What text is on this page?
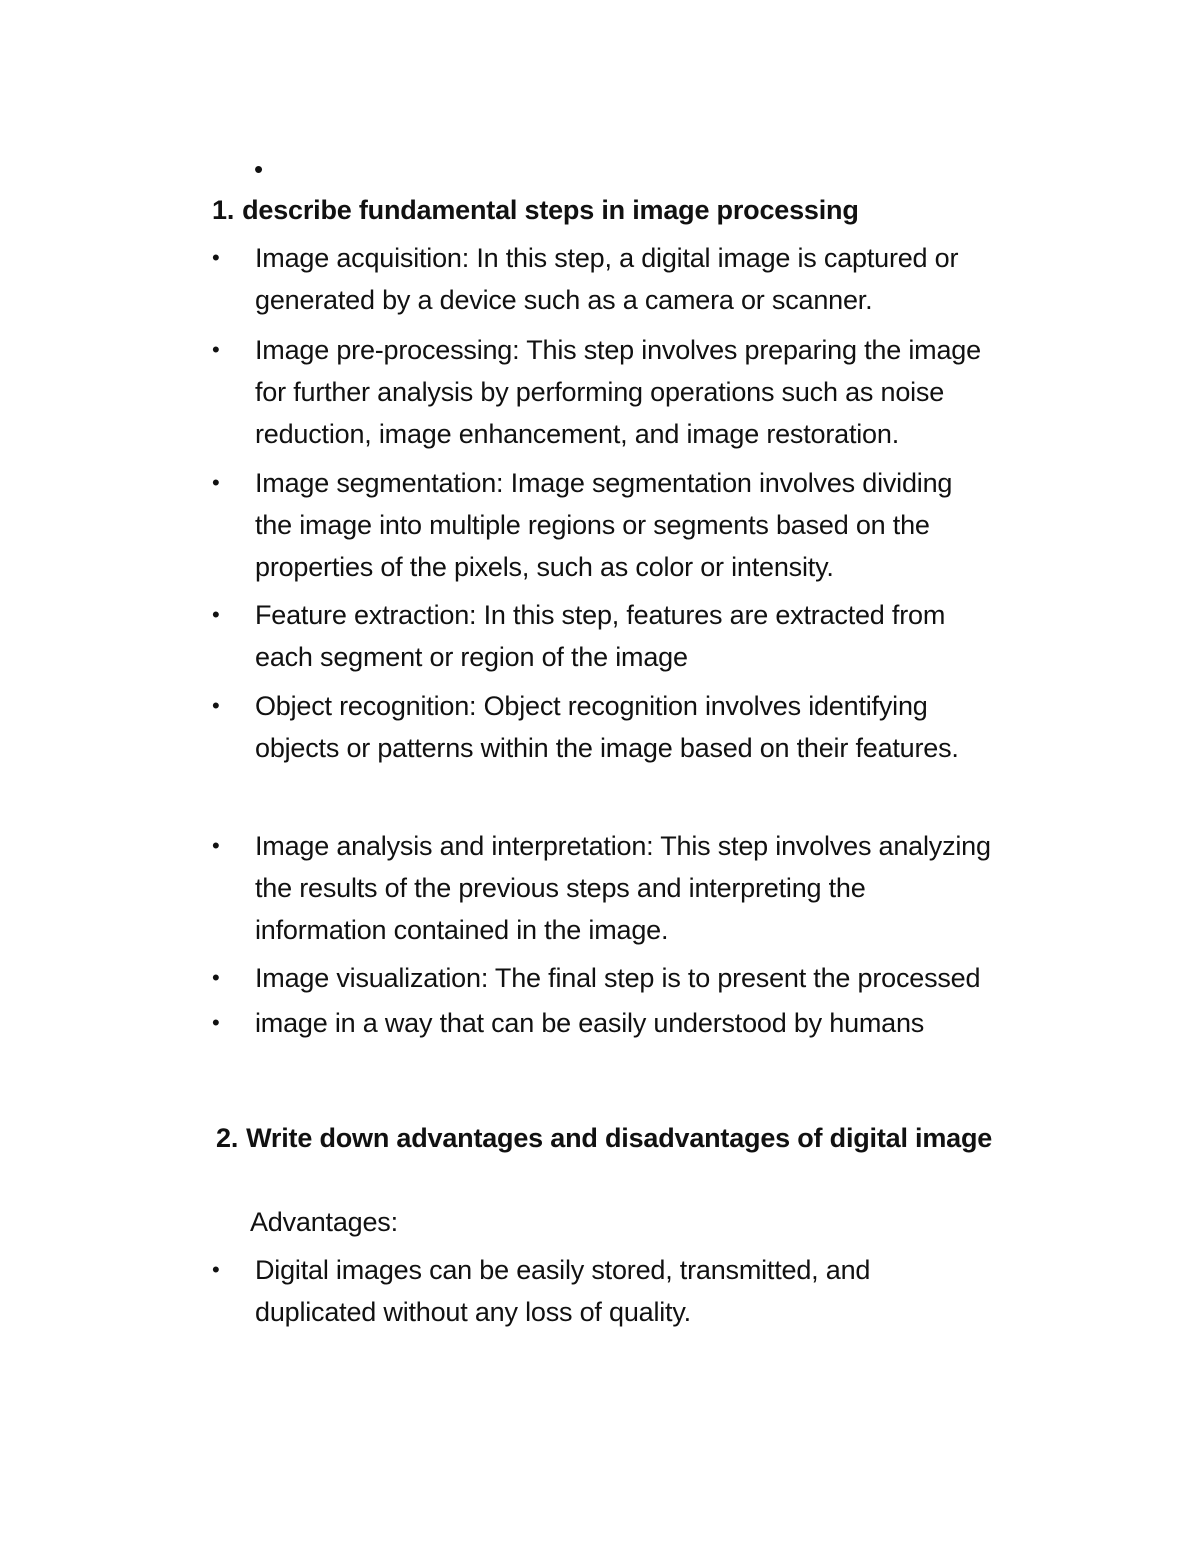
•
1. describe fundamental steps in image processing
•	Image acquisition: In this step, a digital image is captured or
generated by a device such as a camera or scanner.
•	Image pre-processing: This step involves preparing the image
for further analysis by performing operations such as noise
reduction, image enhancement, and image restoration.
•	Image segmentation: Image segmentation involves dividing
the image into multiple regions or segments based on the
properties of the pixels, such as color or intensity.
•	Feature extraction: In this step, features are extracted from
each segment or region of the image
•	Object recognition: Object recognition involves identifying
objects or patterns within the image based on their features.
•	Image analysis and interpretation: This step involves analyzing
the results of the previous steps and interpreting the
information contained in the image.
•	Image visualization: The final step is to present the processed
•	image in a way that can be easily understood by humans
2. Write down advantages and disadvantages of digital image
Advantages:
•	Digital images can be easily stored, transmitted, and
duplicated without any loss of quality.
